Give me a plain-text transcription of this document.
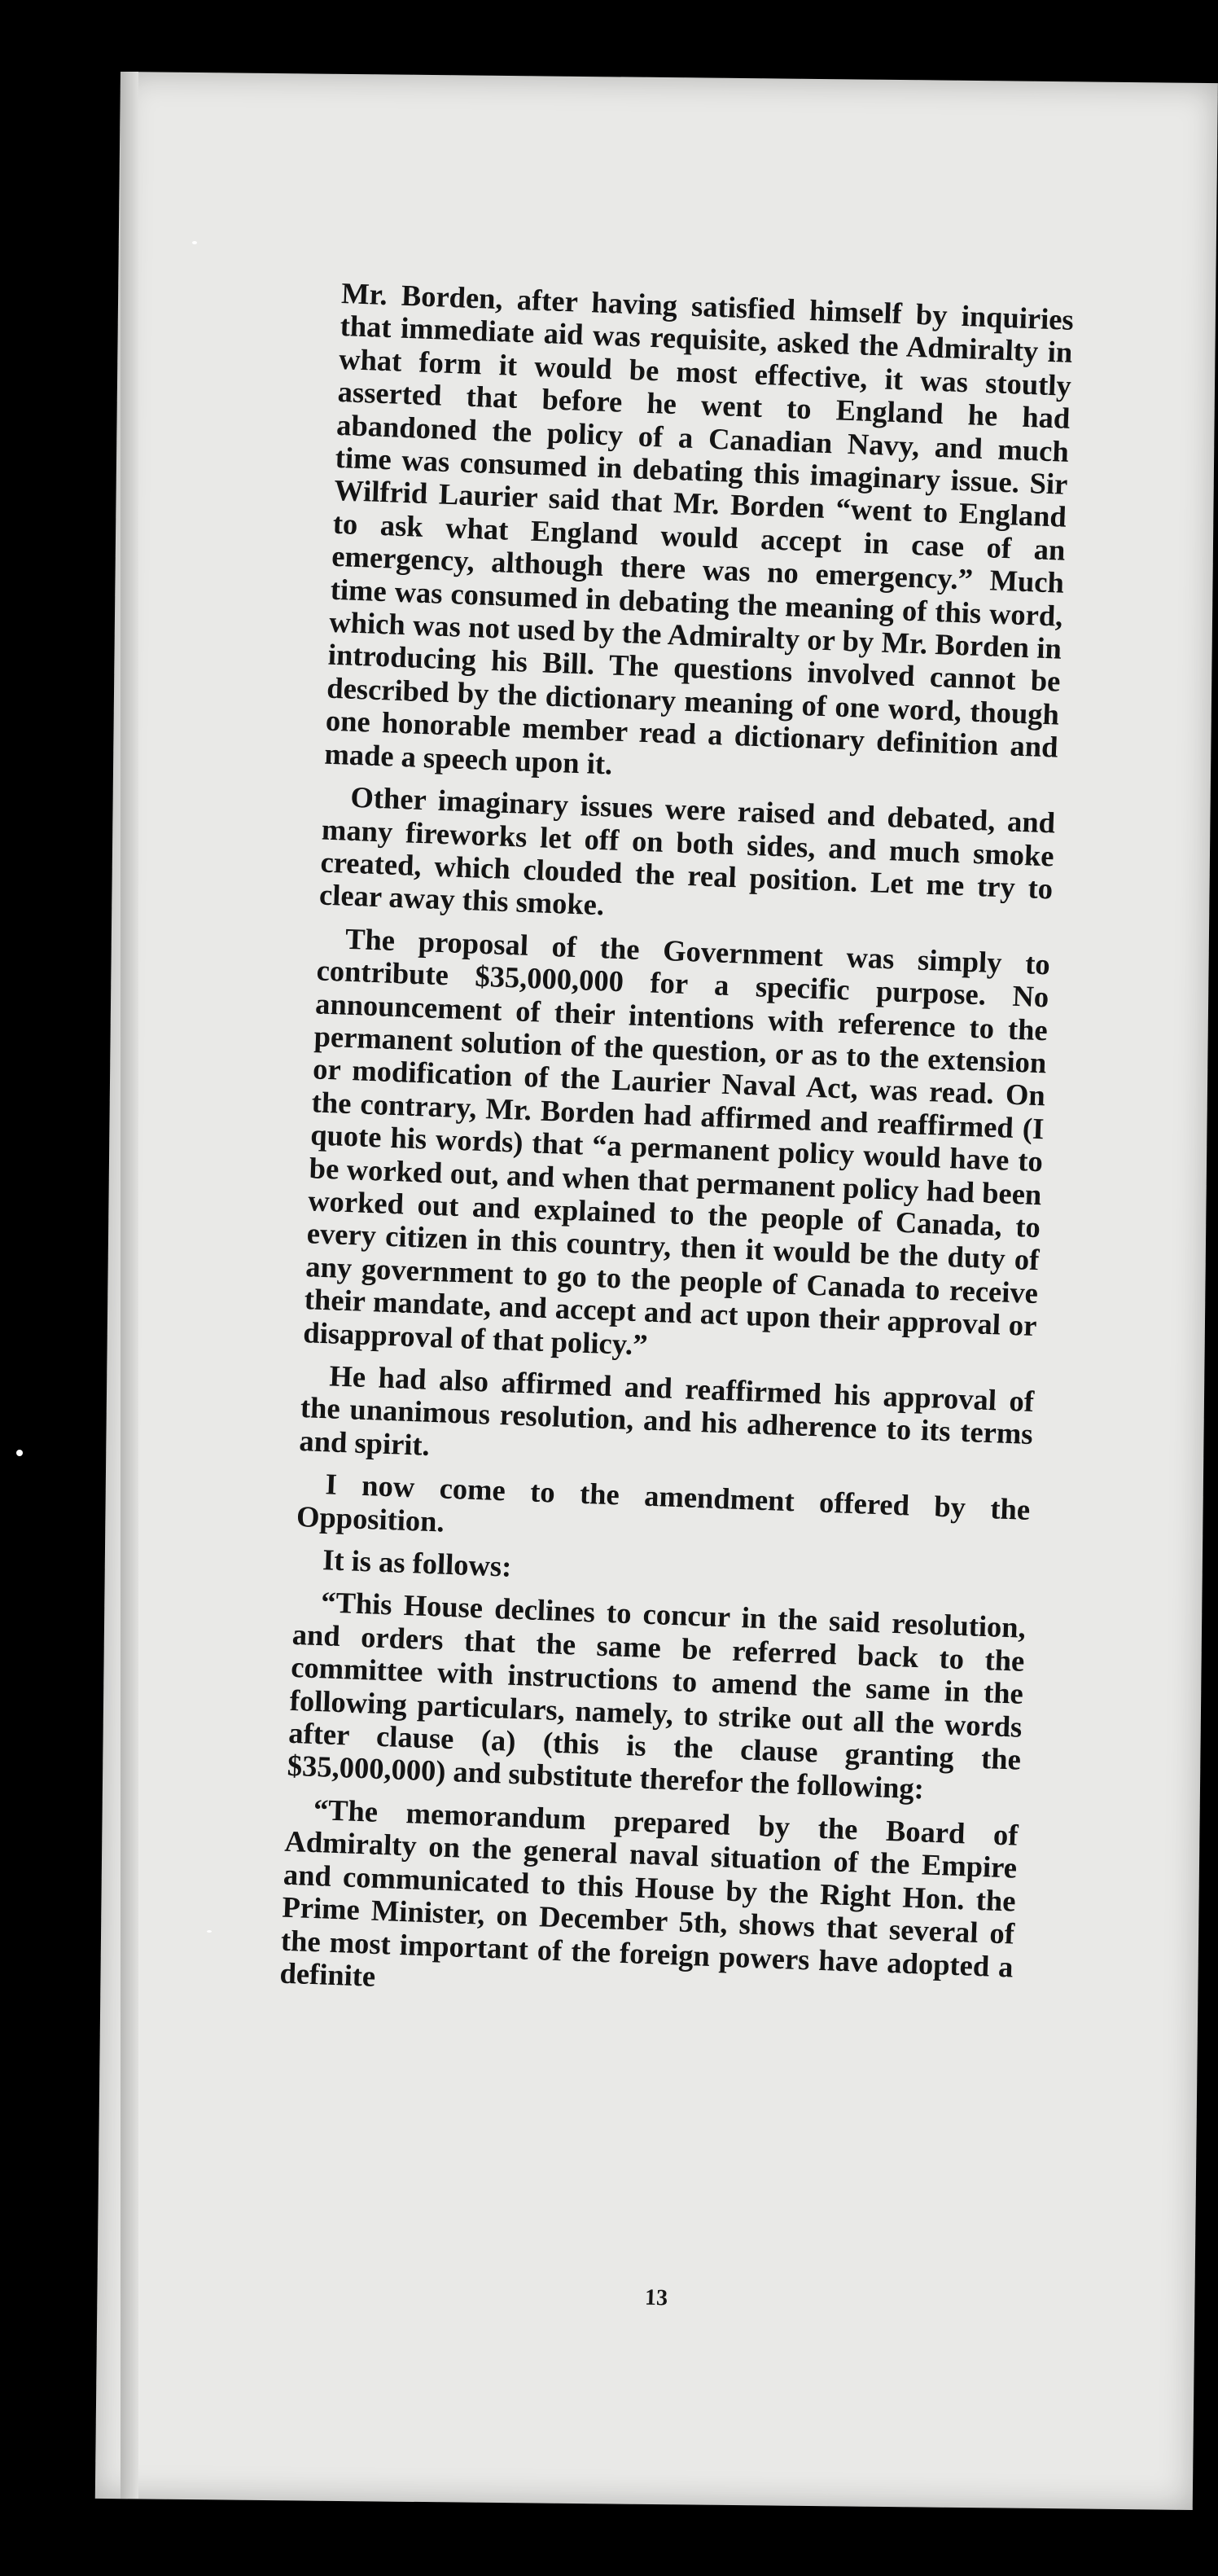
Mr. Borden, after having satisfied himself by inquiries that immediate aid was requisite, asked the Admiralty in what form it would be most effective, it was stoutly asserted that before he went to England he had abandoned the policy of a Canadian Navy, and much time was consumed in debating this imaginary issue. Sir Wilfrid Laurier said that Mr. Borden “went to England to ask what England would accept in case of an emergency, although there was no emergency.” Much time was consumed in debating the meaning of this word, which was not used by the Admiralty or by Mr. Borden in introducing his Bill. The questions involved cannot be described by the dictionary meaning of one word, though one honorable member read a dictionary definition and made a speech upon it.

Other imaginary issues were raised and debated, and many fireworks let off on both sides, and much smoke created, which clouded the real position. Let me try to clear away this smoke.

The proposal of the Government was simply to contribute $35,000,000 for a specific purpose. No announcement of their intentions with reference to the permanent solution of the question, or as to the extension or modification of the Laurier Naval Act, was read. On the contrary, Mr. Borden had affirmed and reaffirmed (I quote his words) that “a permanent policy would have to be worked out, and when that permanent policy had been worked out and explained to the people of Canada, to every citizen in this country, then it would be the duty of any government to go to the people of Canada to receive their mandate, and accept and act upon their approval or disapproval of that policy.”

He had also affirmed and reaffirmed his approval of the unanimous resolution, and his adherence to its terms and spirit.

I now come to the amendment offered by the Opposition.

It is as follows:

“This House declines to concur in the said resolution, and orders that the same be referred back to the committee with instructions to amend the same in the following particulars, namely, to strike out all the words after clause (a) (this is the clause granting the $35,000,000) and substitute therefor the following:

“The memorandum prepared by the Board of Admiralty on the general naval situation of the Empire and communicated to this House by the Right Hon. the Prime Minister, on December 5th, shows that several of the most important of the foreign powers have adopted a definite

13
